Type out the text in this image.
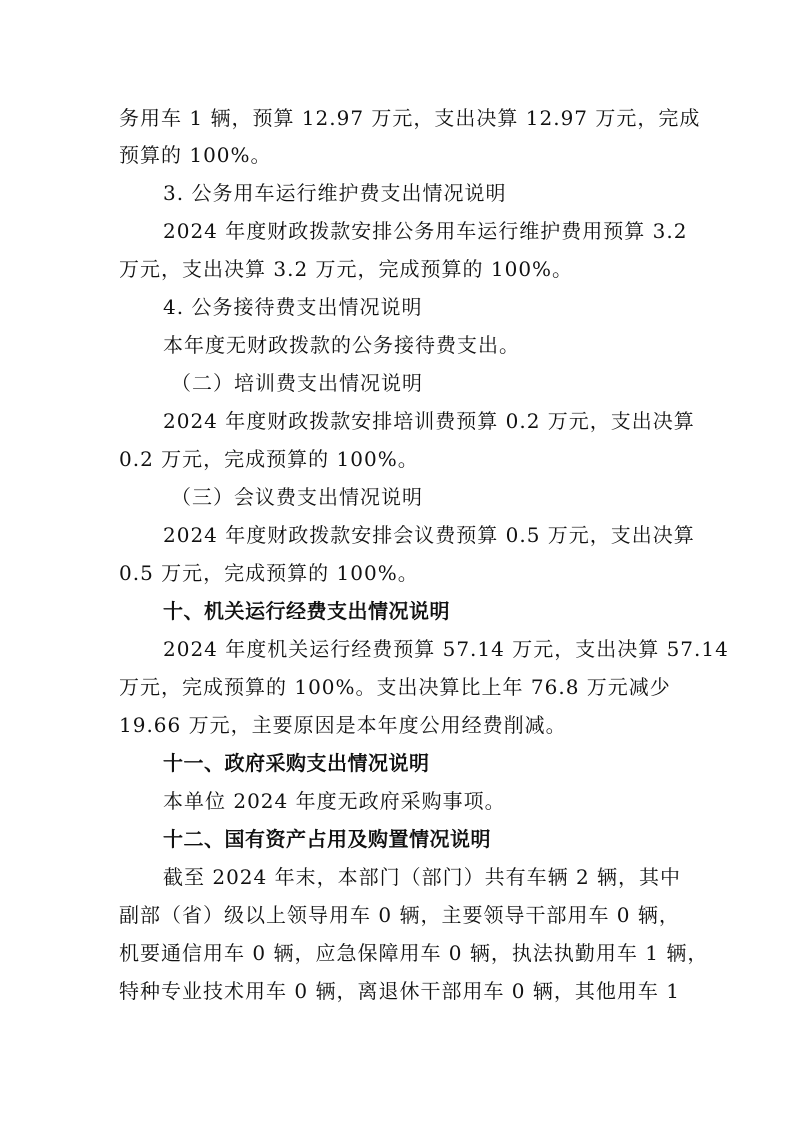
务用车 1 辆，预算 12.97 万元，支出决算 12.97 万元，完成
预算的 100%。
3. 公务用车运行维护费支出情况说明
2024 年度财政拨款安排公务用车运行维护费用预算 3.2
万元，支出决算 3.2 万元，完成预算的 100%。
4. 公务接待费支出情况说明
本年度无财政拨款的公务接待费支出。
（二）培训费支出情况说明
2024 年度财政拨款安排培训费预算 0.2 万元，支出决算
0.2 万元，完成预算的 100%。
（三）会议费支出情况说明
2024 年度财政拨款安排会议费预算 0.5 万元，支出决算
0.5 万元，完成预算的 100%。
十、机关运行经费支出情况说明
2024 年度机关运行经费预算 57.14 万元，支出决算 57.14
万元，完成预算的 100%。支出决算比上年 76.8 万元减少
19.66 万元，主要原因是本年度公用经费削减。
十一、政府采购支出情况说明
本单位 2024 年度无政府采购事项。
十二、国有资产占用及购置情况说明
截至 2024 年末，本部门（部门）共有车辆 2 辆，其中
副部（省）级以上领导用车 0 辆，主要领导干部用车 0 辆，
机要通信用车 0 辆，应急保障用车 0 辆，执法执勤用车 1 辆，
特种专业技术用车 0 辆，离退休干部用车 0 辆，其他用车 1
